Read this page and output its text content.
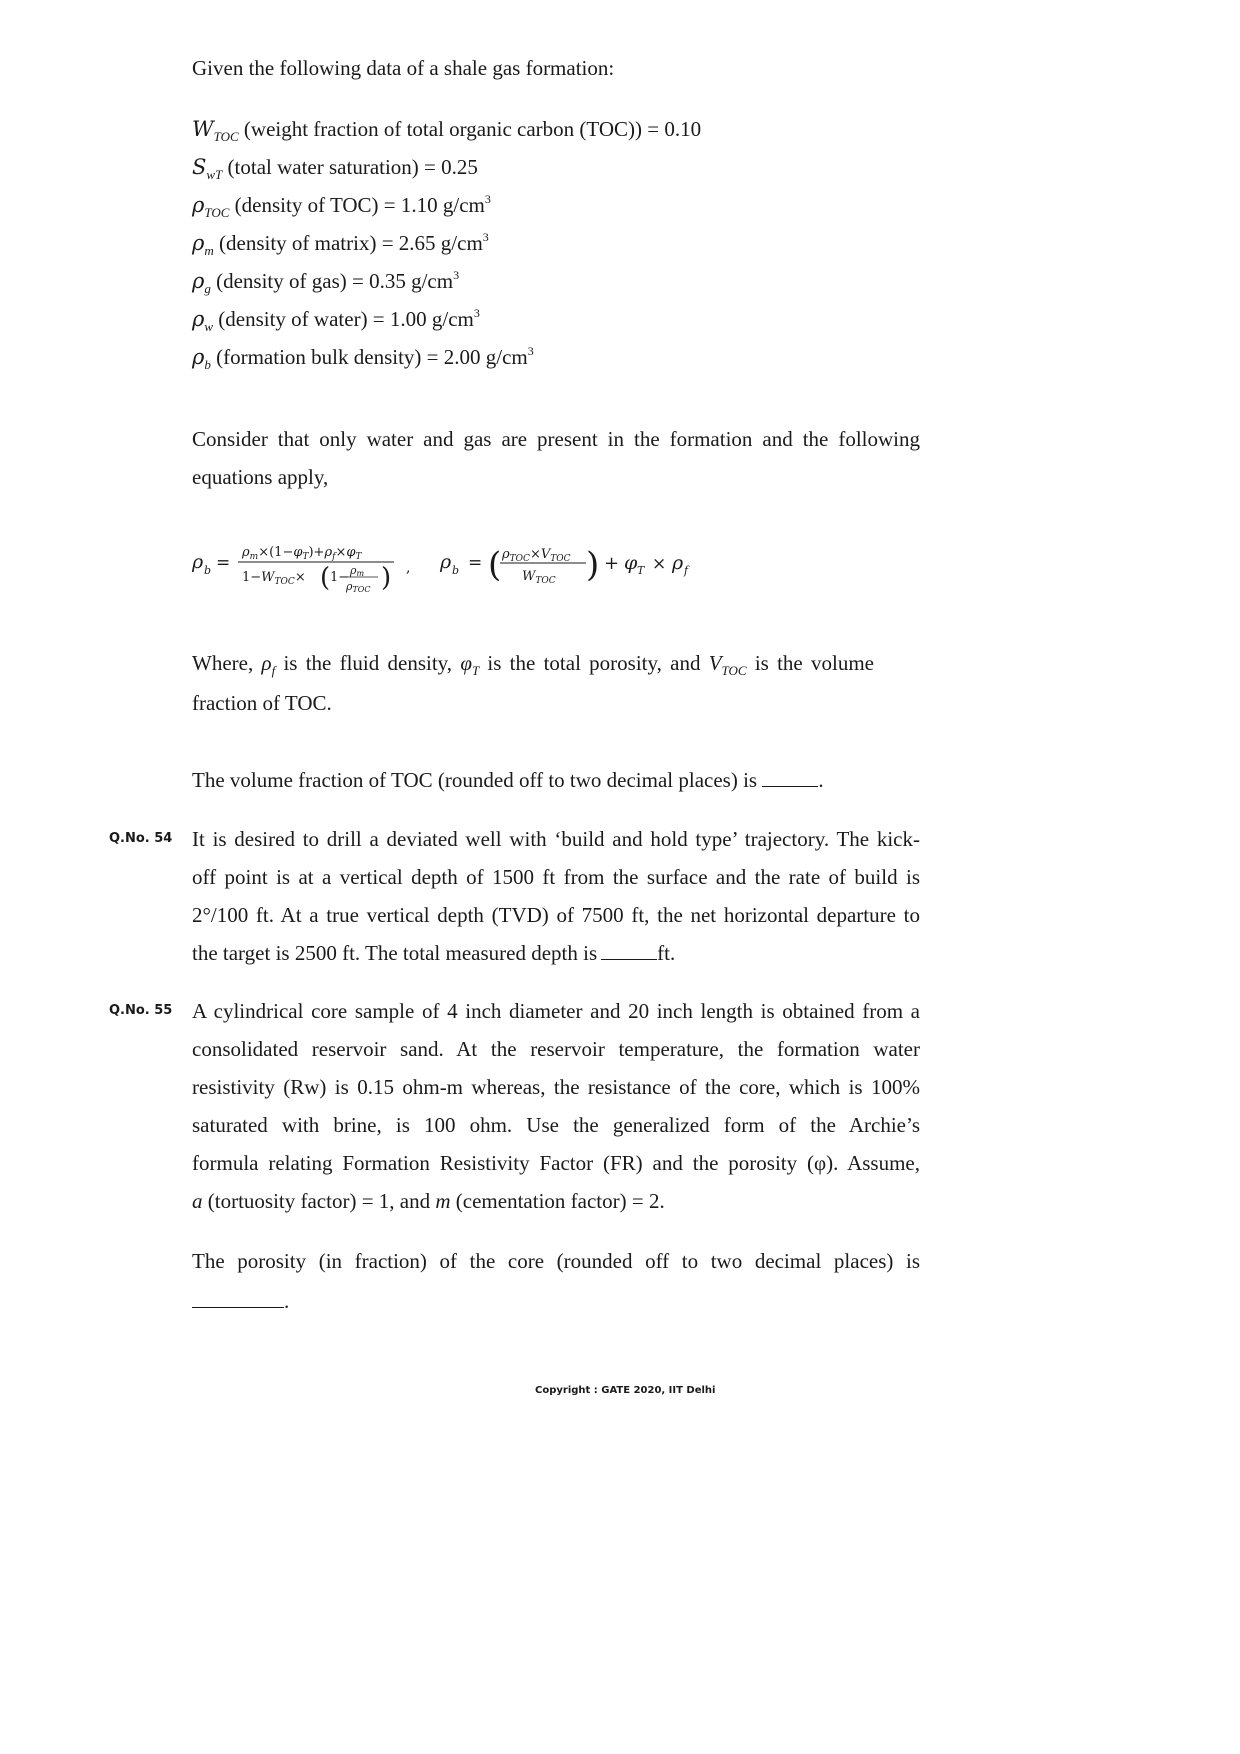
Given the following data of a shale gas formation:
$W_{TOC}$ (weight fraction of total organic carbon (TOC)) = 0.10
$S_{wT}$ (total water saturation) = 0.25
$\rho_{TOC}$ (density of TOC) = 1.10 $g/cm^3$
$\rho_m$ (density of matrix) = 2.65 $g/cm^3$
$\rho_g$ (density of gas) = 0.35 $g/cm^3$
$\rho_w$ (density of water) = 1.00 $g/cm^3$
$\rho_b$ (formation bulk density) = 2.00 $g/cm^3$
Consider that only water and gas are present in the formation and the following
equations apply,
ρ b =
$\rho_m\times(1-\varphi_T)+\rho_f\times\varphi_T$
$1-W_{TOC}\times$ ( 1− ρm
ρTOC ) , ρ b = ( $\rho_{TOC}\times V_{TOC}$
$W_{TOC}$ ) + φ T × ρ f
Where, $\rho_f$ is the fluid density, $\varphi_T$ is the total porosity, and $V_{TOC}$ is the volume
fraction of TOC.
The volume fraction of TOC (rounded off to two decimal places) is	.
Q.No. 54 It is desired to drill a deviated well with ‘build and hold type’ trajectory. The kick-
off point is at a vertical depth of 1500 ft from the surface and the rate of build is
2°/100 ft. At a true vertical depth (TVD) of 7500 ft, the net horizontal departure to
the target is 2500 ft. The total measured depth is	ft.
Q.No. 55 A cylindrical core sample of 4 inch diameter and 20 inch length is obtained from a
consolidated reservoir sand. At the reservoir temperature, the formation water
resistivity (Rw) is 0.15 ohm-m whereas, the resistance of the core, which is 100%
saturated with brine, is 100 ohm. Use the generalized form of the Archie’s
formula relating Formation Resistivity Factor (FR) and the porosity (φ). Assume,
a (tortuosity factor) = 1, and m (cementation factor) = 2.
The porosity (in fraction) of the core (rounded off to two decimal places) is
.
Copyright : GATE 2020, IIT Delhi
